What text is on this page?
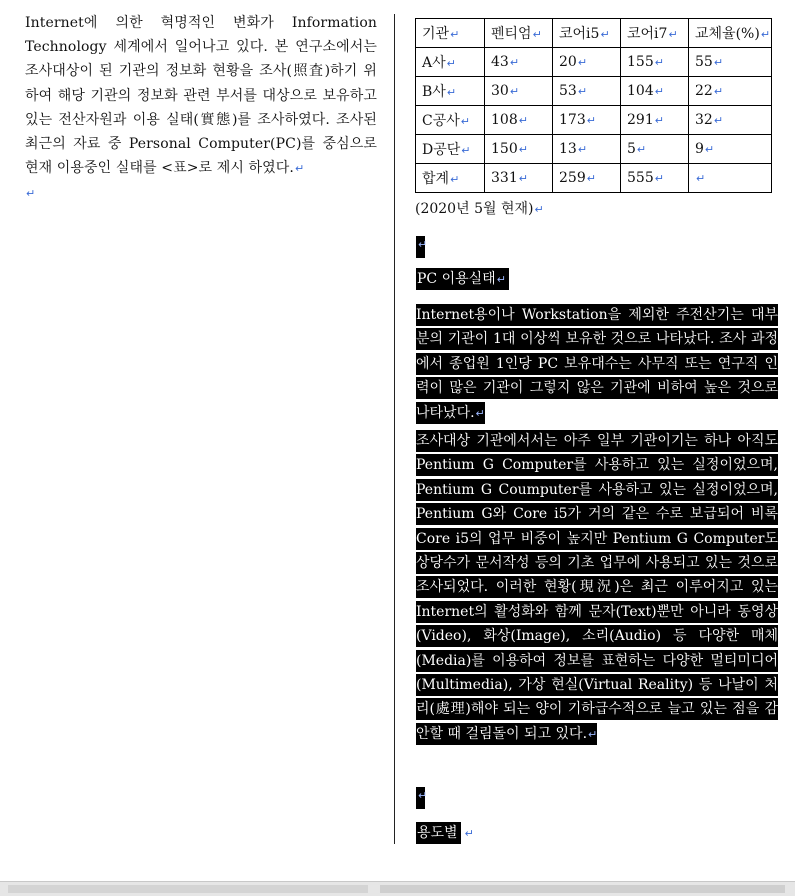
Internet에 의한 혁명적인 변화가 Information Technology 세계에서 일어나고 있다. 본 연구소에서는 조사대상이 된 기관의 정보화 현황을 조사(照査)하기 위하여 해당 기관의 정보화 관련 부서를 대상으로 보유하고 있는 전산자원과 이용 실태(實態)를 조사하였다. 조사된 최근의 자료 중 Personal Computer(PC)를 중심으로 현재 이용중인 실태를 <표>로 제시 하였다.↵

↵

기관↵	펜티엄↵	코어i5↵	코어i7↵	교체율(%)↵
A사↵	43↵	20↵	155↵	55↵
B사↵	30↵	53↵	104↵	22↵
C공사↵	108↵	173↵	291↵	32↵
D공단↵	150↵	13↵	5↵	9↵
합계↵	331↵	259↵	555↵	↵
(2020년 5월 현재)↵
↵
PC 이용실태↵
Internet용이나 Workstation을 제외한 주전산기는 대부분의 기관이 1대 이상씩 보유한 것으로 나타났다. 조사 과정에서 종업원 1인당 PC 보유대수는 사무직 또는 연구직 인력이 많은 기관이 그렇지 않은 기관에 비하여 높은 것으로 나타났다.↵
조사대상 기관에서서는 아주 일부 기관이기는 하나 아직도 Pentium G Computer를 사용하고 있는 실정이었으며, Pentium G Coumputer를 사용하고 있는 실정이었으며, Pentium G와 Core i5가 거의 같은 수로 보급되어 비록 Core i5의 업무 비중이 높지만 Pentium G Computer도 상당수가 문서작성 등의 기초 업무에 사용되고 있는 것으로 조사되었다. 이러한 현황(現況)은 최근 이루어지고 있는 Internet의 활성화와 함께 문자(Text)뿐만 아니라 동영상(Video), 화상(Image), 소리(Audio) 등 다양한 매체(Media)를 이용하여 정보를 표현하는 다양한 멀티미디어(Multimedia), 가상 현실(Virtual Reality) 등 나날이 처리(處理)해야 되는 양이 기하급수적으로 늘고 있는 점을 감안할 때 걸림돌이 되고 있다.↵
↵
용도별 ↵
